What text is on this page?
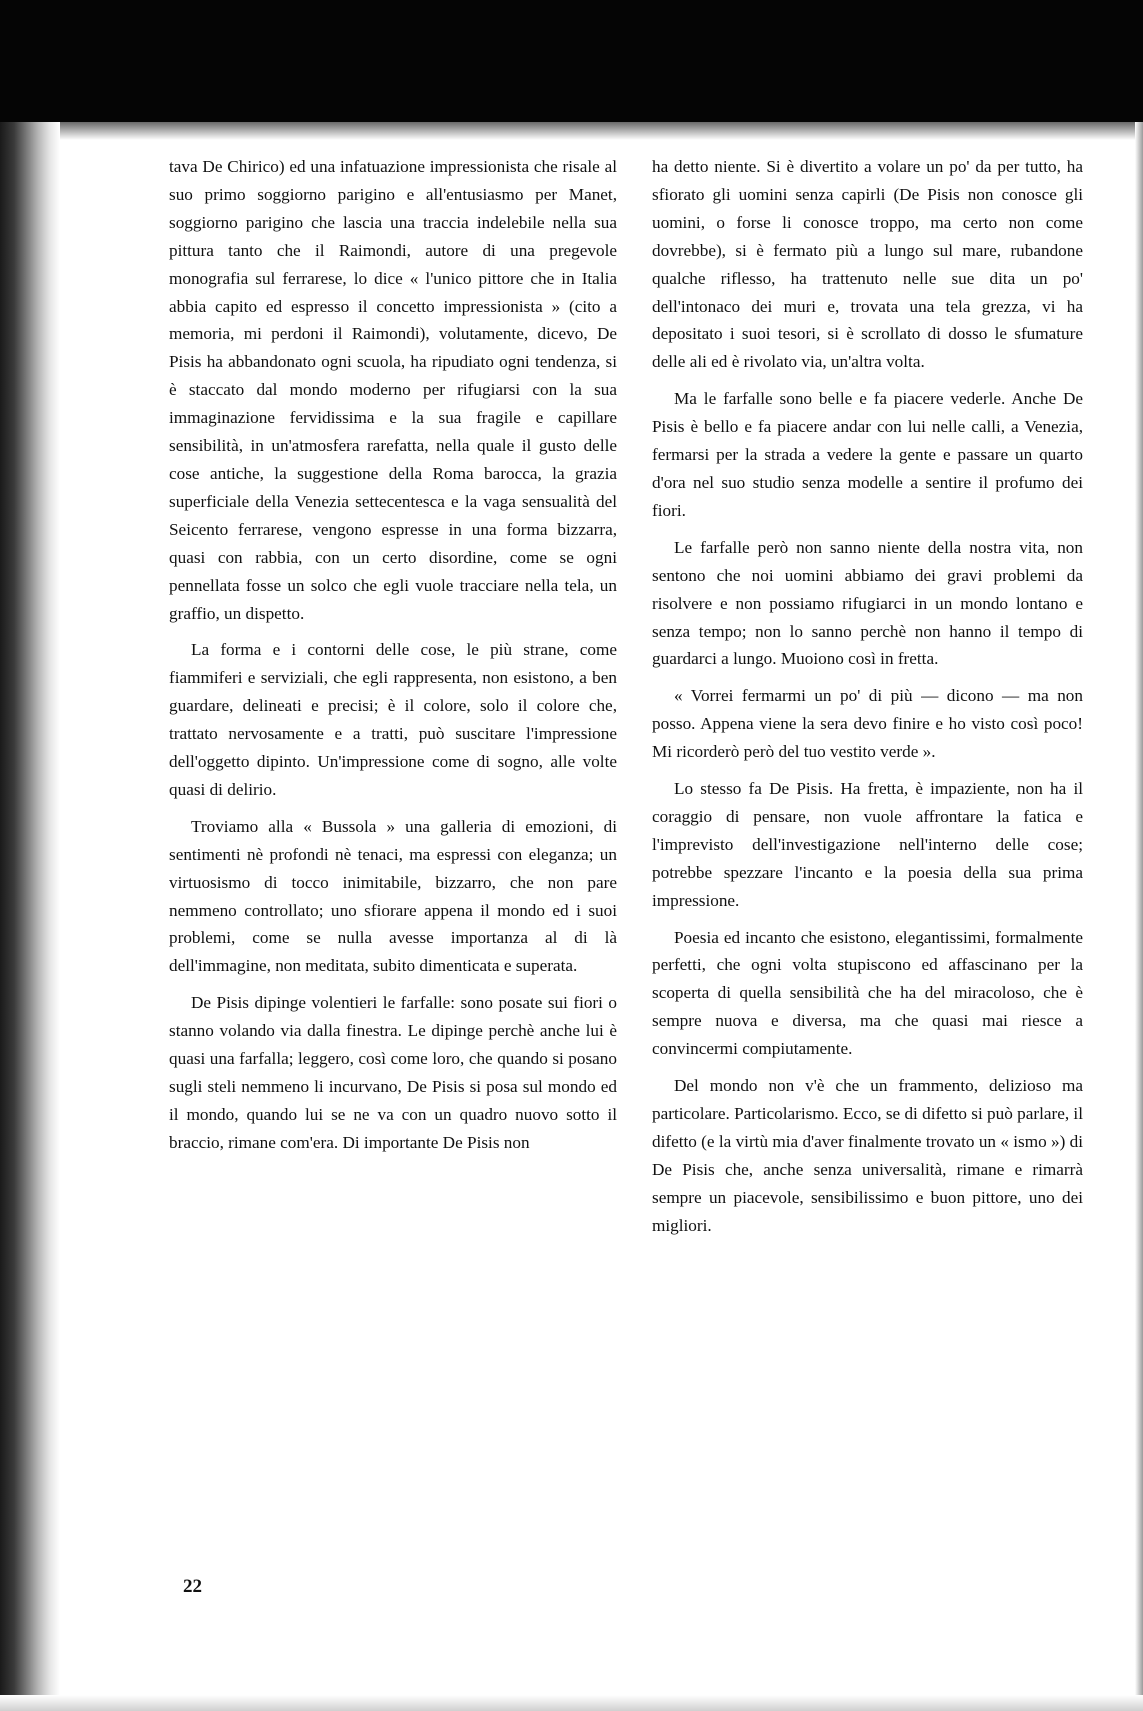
tava De Chirico) ed una infatuazione impressionista che risale al suo primo soggiorno parigino e all'entusiasmo per Manet, soggiorno parigino che lascia una traccia indelebile nella sua pittura tanto che il Raimondi, autore di una pregevole monografia sul ferrarese, lo dice « l'unico pittore che in Italia abbia capito ed espresso il concetto impressionista » (cito a memoria, mi perdoni il Raimondi), volutamente, dicevo, De Pisis ha abbandonato ogni scuola, ha ripudiato ogni tendenza, si è staccato dal mondo moderno per rifugiarsi con la sua immaginazione fervidissima e la sua fragile e capillare sensibilità, in un'atmosfera rarefatta, nella quale il gusto delle cose antiche, la suggestione della Roma barocca, la grazia superficiale della Venezia settecentesca e la vaga sensualità del Seicento ferrarese, vengono espresse in una forma bizzarra, quasi con rabbia, con un certo disordine, come se ogni pennellata fosse un solco che egli vuole tracciare nella tela, un graffio, un dispetto.

La forma e i contorni delle cose, le più strane, come fiammiferi e serviziali, che egli rappresenta, non esistono, a ben guardare, delineati e precisi; è il colore, solo il colore che, trattato nervosamente e a tratti, può suscitare l'impressione dell'oggetto dipinto. Un'impressione come di sogno, alle volte quasi di delirio.

Troviamo alla « Bussola » una galleria di emozioni, di sentimenti nè profondi nè tenaci, ma espressi con eleganza; un virtuosismo di tocco inimitabile, bizzarro, che non pare nemmeno controllato; uno sfiorare appena il mondo ed i suoi problemi, come se nulla avesse importanza al di là dell'immagine, non meditata, subito dimenticata e superata.

De Pisis dipinge volentieri le farfalle: sono posate sui fiori o stanno volando via dalla finestra. Le dipinge perchè anche lui è quasi una farfalla; leggero, così come loro, che quando si posano sugli steli nemmeno li incurvano, De Pisis si posa sul mondo ed il mondo, quando lui se ne va con un quadro nuovo sotto il braccio, rimane com'era. Di importante De Pisis non

ha detto niente. Si è divertito a volare un po' da per tutto, ha sfiorato gli uomini senza capirli (De Pisis non conosce gli uomini, o forse li conosce troppo, ma certo non come dovrebbe), si è fermato più a lungo sul mare, rubandone qualche riflesso, ha trattenuto nelle sue dita un po' dell'intonaco dei muri e, trovata una tela grezza, vi ha depositato i suoi tesori, si è scrollato di dosso le sfumature delle ali ed è rivolato via, un'altra volta.

Ma le farfalle sono belle e fa piacere vederle. Anche De Pisis è bello e fa piacere andar con lui nelle calli, a Venezia, fermarsi per la strada a vedere la gente e passare un quarto d'ora nel suo studio senza modelle a sentire il profumo dei fiori.

Le farfalle però non sanno niente della nostra vita, non sentono che noi uomini abbiamo dei gravi problemi da risolvere e non possiamo rifugiarci in un mondo lontano e senza tempo; non lo sanno perchè non hanno il tempo di guardarci a lungo. Muoiono così in fretta.

« Vorrei fermarmi un po' di più — dicono — ma non posso. Appena viene la sera devo finire e ho visto così poco! Mi ricorderò però del tuo vestito verde ».

Lo stesso fa De Pisis. Ha fretta, è impaziente, non ha il coraggio di pensare, non vuole affrontare la fatica e l'imprevisto dell'investigazione nell'interno delle cose; potrebbe spezzare l'incanto e la poesia della sua prima impressione.

Poesia ed incanto che esistono, elegantissimi, formalmente perfetti, che ogni volta stupiscono ed affascinano per la scoperta di quella sensibilità che ha del miracoloso, che è sempre nuova e diversa, ma che quasi mai riesce a convincermi compiutamente.

Del mondo non v'è che un frammento, delizioso ma particolare. Particolarismo. Ecco, se di difetto si può parlare, il difetto (e la virtù mia d'aver finalmente trovato un « ismo ») di De Pisis che, anche senza universalità, rimane e rimarrà sempre un piacevole, sensibilissimo e buon pittore, uno dei migliori.

22
